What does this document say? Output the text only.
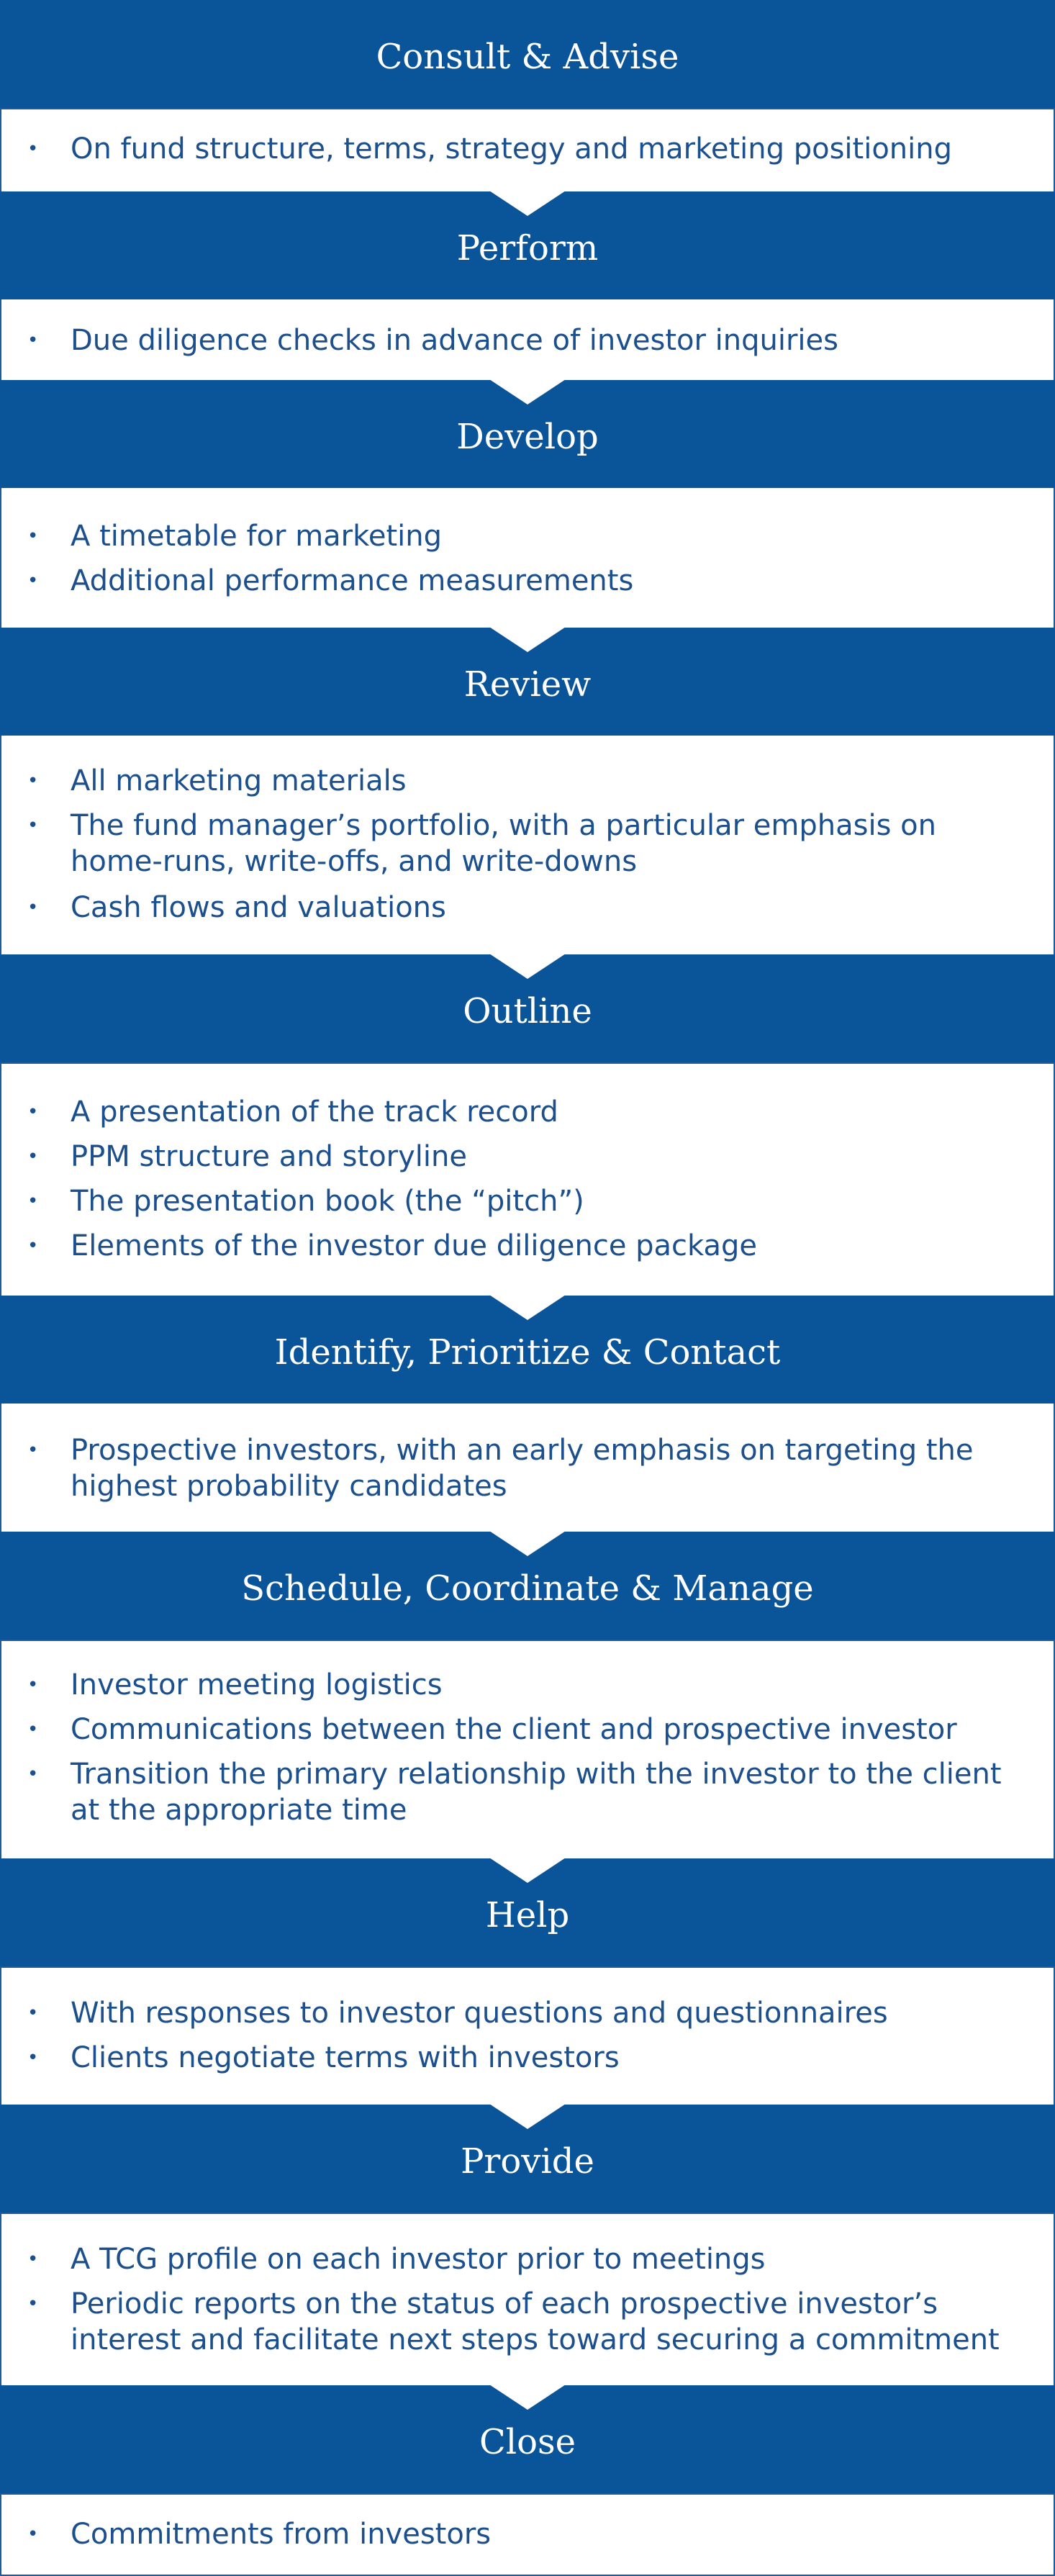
Consult & Advise
• On fund structure, terms, strategy and marketing positioning
Perform
• Due diligence checks in advance of investor inquiries
Develop
• A timetable for marketing
• Additional performance measurements
Review
• All marketing materials
• The fund manager’s portfolio, with a particular emphasis on home-runs, write-offs, and write-downs
• Cash flows and valuations
Outline
• A presentation of the track record
• PPM structure and storyline
• The presentation book (the “pitch”)
• Elements of the investor due diligence package
Identify, Prioritize & Contact
• Prospective investors, with an early emphasis on targeting the highest probability candidates
Schedule, Coordinate & Manage
• Investor meeting logistics
• Communications between the client and prospective investor
• Transition the primary relationship with the investor to the client at the appropriate time
Help
• With responses to investor questions and questionnaires
• Clients negotiate terms with investors
Provide
• A TCG profile on each investor prior to meetings
• Periodic reports on the status of each prospective investor’s interest and facilitate next steps toward securing a commitment
Close
• Commitments from investors
